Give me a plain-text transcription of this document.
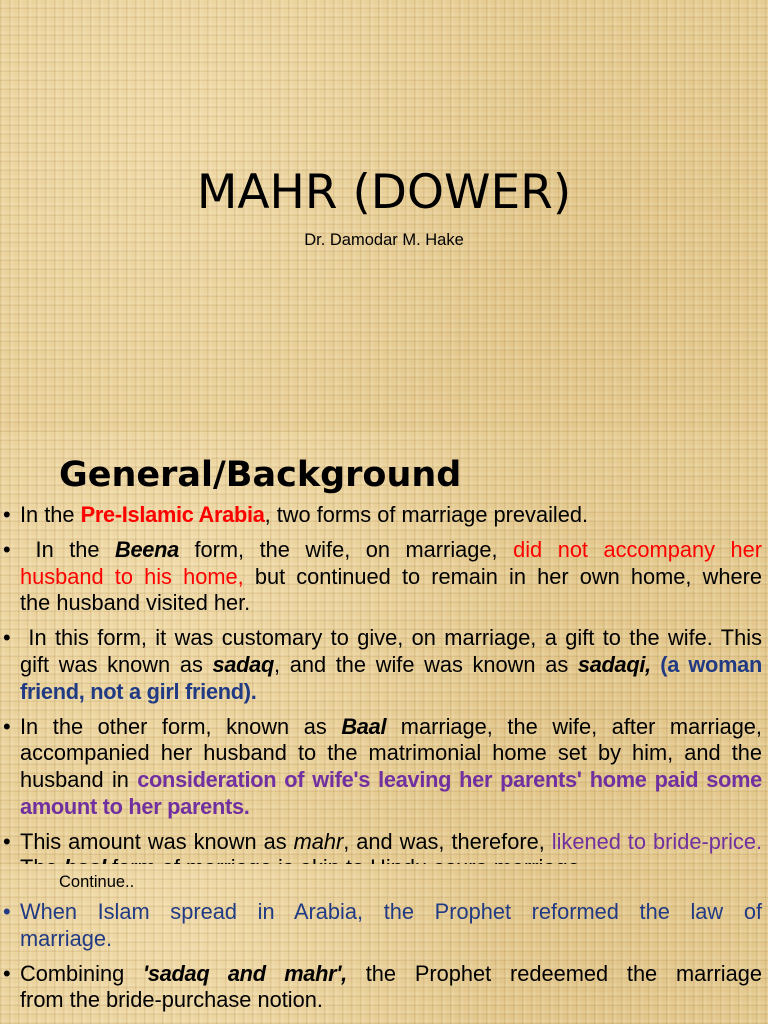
MAHR (DOWER)
Dr. Damodar M. Hake
General/Background
• In the Pre-Islamic Arabia, two forms of marriage prevailed.
• In the Beena form, the wife, on marriage, did not accompany her
husband to his home, but continued to remain in her own home, where
the husband visited her.
• In this form, it was customary to give, on marriage, a gift to the wife. This
gift was known as sadaq, and the wife was known as sadaqi, (a woman
friend, not a girl friend).
• In the other form, known as Baal marriage, the wife, after marriage,
accompanied her husband to the matrimonial home set by him, and the
husband in consideration of wife's leaving her parents' home paid some
amount to her parents.
• This amount was known as mahr, and was, therefore, likened to bride-price.
Continue..
• When Islam spread in Arabia, the Prophet reformed the law of
marriage.
• Combining 'sadaq and mahr', the Prophet redeemed the marriage
from the bride-purchase notion.
